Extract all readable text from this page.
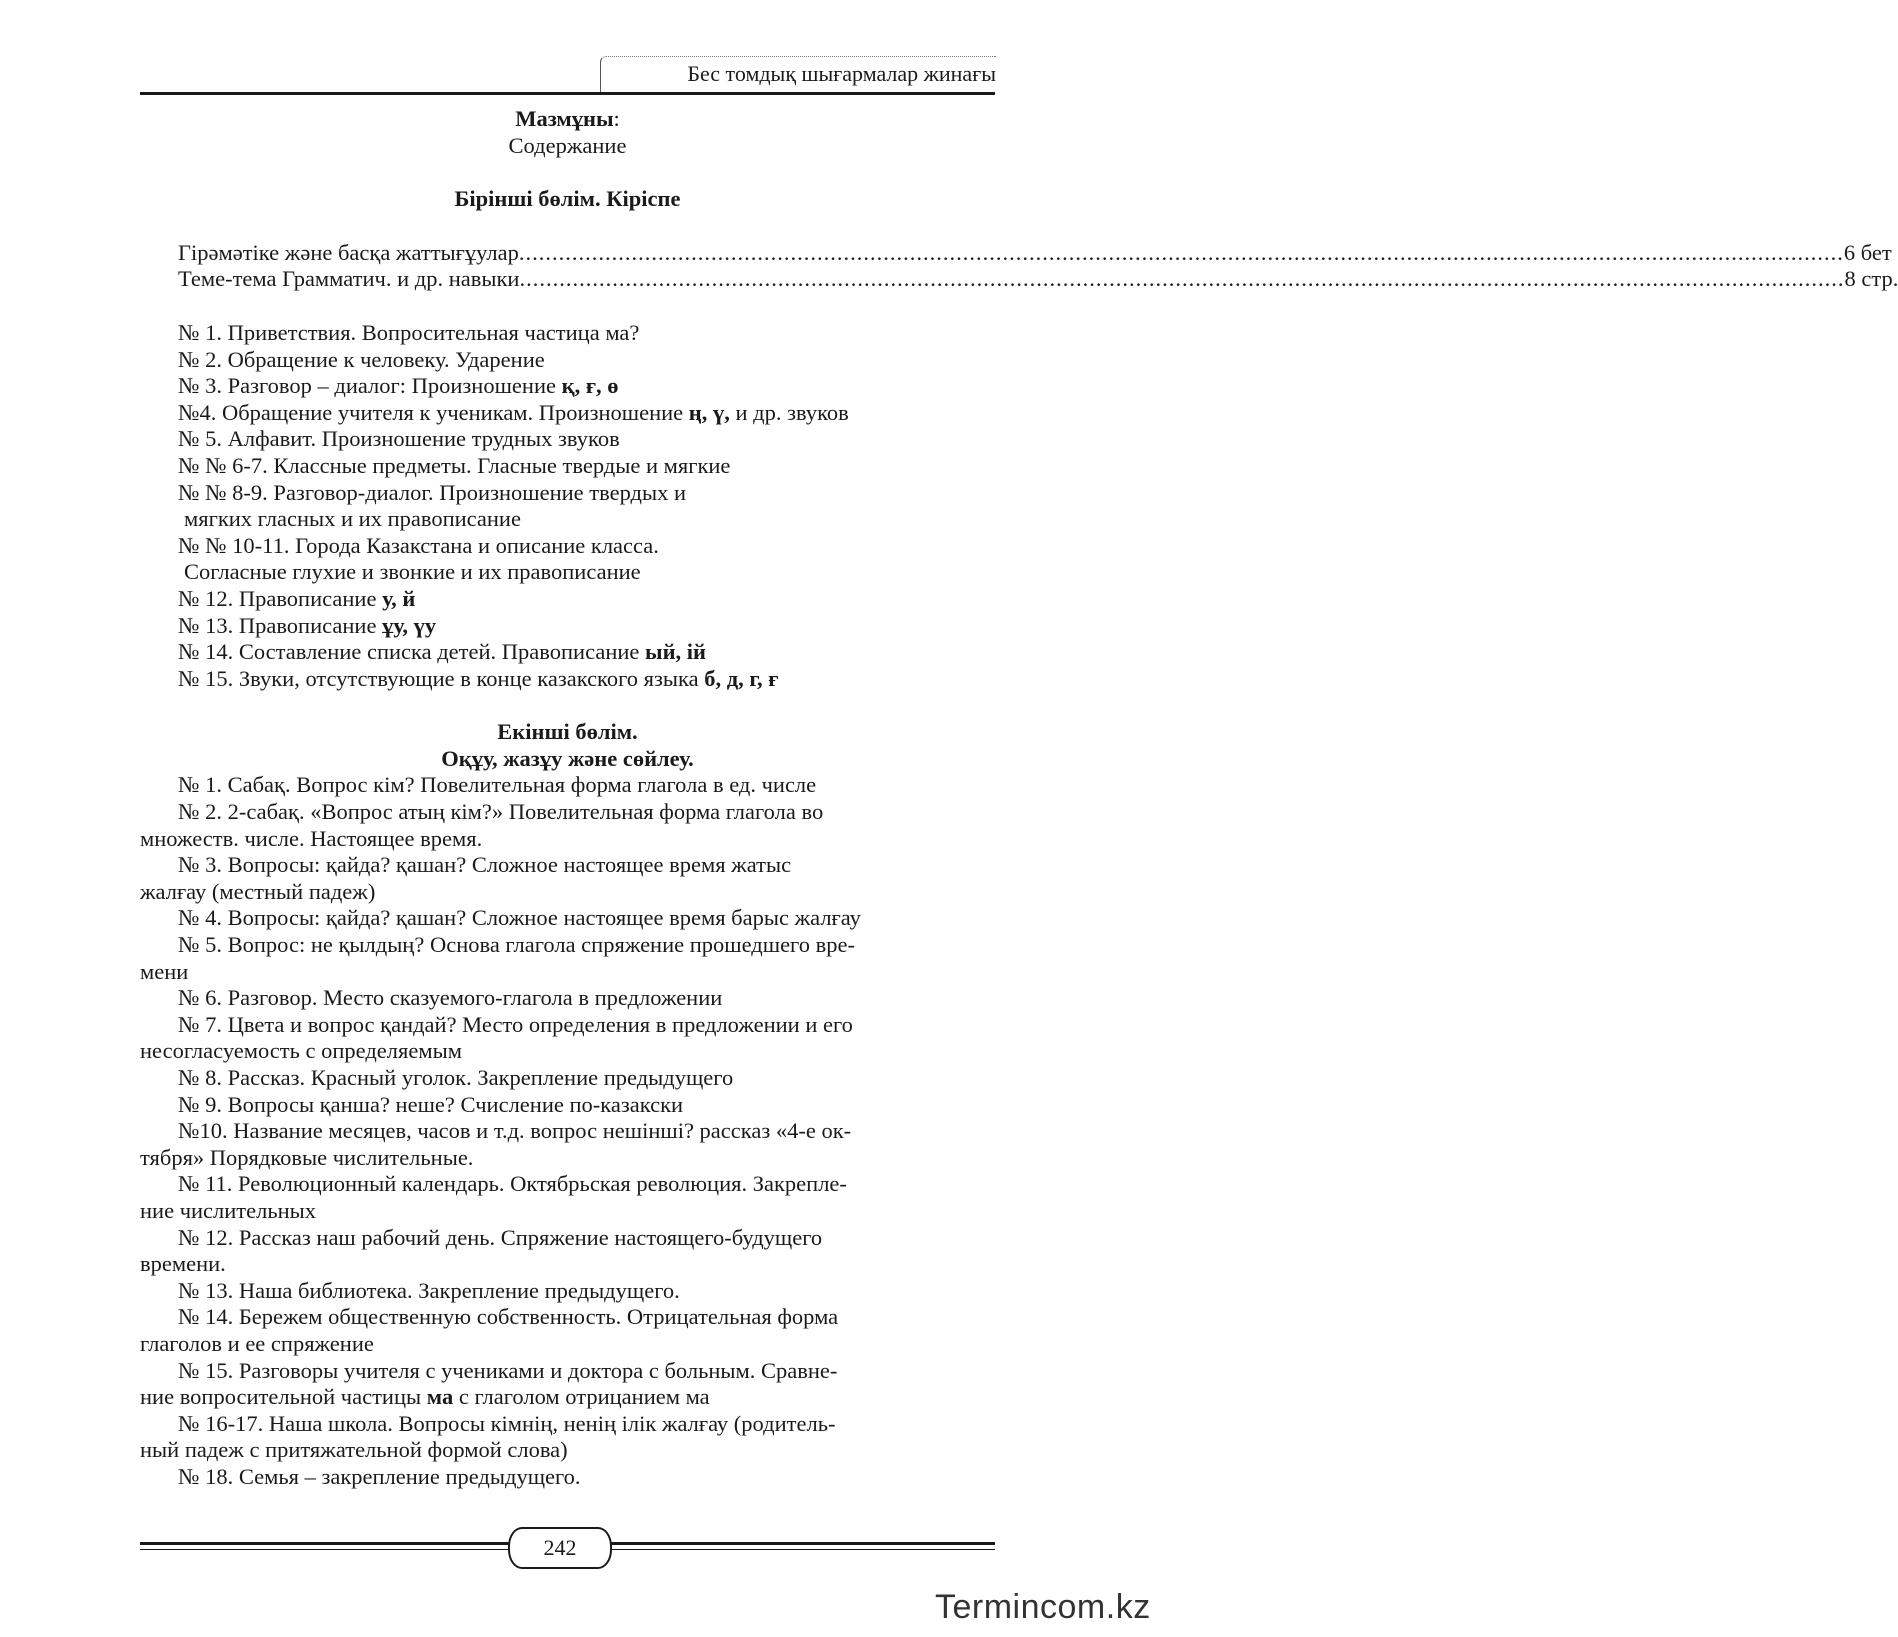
Бес томдық шығармалар жинағы
Мазмұны:
Содержание
Бірінші бөлім. Кіріспе
Гірәмәтіке және басқа жаттығұулар ........................................................................................................................................................................................................ 6 бет
Теме-тема Грамматич. и др. навыки ........................................................................................................................................................................................................ 8 стр.
№ 1. Приветствия. Вопросительная частица ма?
№ 2. Обращение к человеку. Ударение
№ 3. Разговор – диалог: Произношение қ, ғ, ө
№4. Обращение учителя к ученикам. Произношение ң, ү, и др. звуков
№ 5. Алфавит. Произношение трудных звуков
№ № 6-7. Классные предметы. Гласные твердые и мягкие
№ № 8-9. Разговор-диалог. Произношение твердых и
мягких гласных и их правописание
№ № 10-11. Города Казакстана и описание класса.
Согласные глухие и звонкие и их правописание
№ 12. Правописание у, й
№ 13. Правописание ұу, үу
№ 14. Составление списка детей. Правописание ый, ій
№ 15. Звуки, отсутствующие в конце казакского языка б, д, г, ғ
Екінші бөлім.
Оқұу, жазұу және сөйлеу.
№ 1. Сабақ. Вопрос кім? Повелительная форма глагола в ед. числе
№ 2. 2-сабақ. «Вопрос атың кім?» Повелительная форма глагола во
множеств. числе. Настоящее время.
№ 3. Вопросы: қайда? қашан? Сложное настоящее время жатыс
жалғау (местный падеж)
№ 4. Вопросы: қайда? қашан? Сложное настоящее время барыс жалғау
№ 5. Вопрос: не қылдың? Основа глагола спряжение прошедшего вре-
мени
№ 6. Разговор. Место сказуемого-глагола в предложении
№ 7. Цвета и вопрос қандай? Место определения в предложении и его
несогласуемость с определяемым
№ 8. Рассказ. Красный уголок. Закрепление предыдущего
№ 9. Вопросы қанша? неше? Счисление по-казакски
№10. Название месяцев, часов и т.д. вопрос нешінші? рассказ «4-е ок-
тября» Порядковые числительные.
№ 11. Революционный календарь. Октябрьская революция. Закрепле-
ние числительных
№ 12. Рассказ наш рабочий день. Спряжение настоящего-будущего
времени.
№ 13. Наша библиотека. Закрепление предыдущего.
№ 14. Бережем общественную собственность. Отрицательная форма
глаголов и ее спряжение
№ 15. Разговоры учителя с учениками и доктора с больным. Сравне-
ние вопросительной частицы ма с глаголом отрицанием ма
№ 16-17. Наша школа. Вопросы кімнің, ненің ілік жалғау (родитель-
ный падеж с притяжательной формой слова)
№ 18. Семья – закрепление предыдущего.
242
Termincom.kz
